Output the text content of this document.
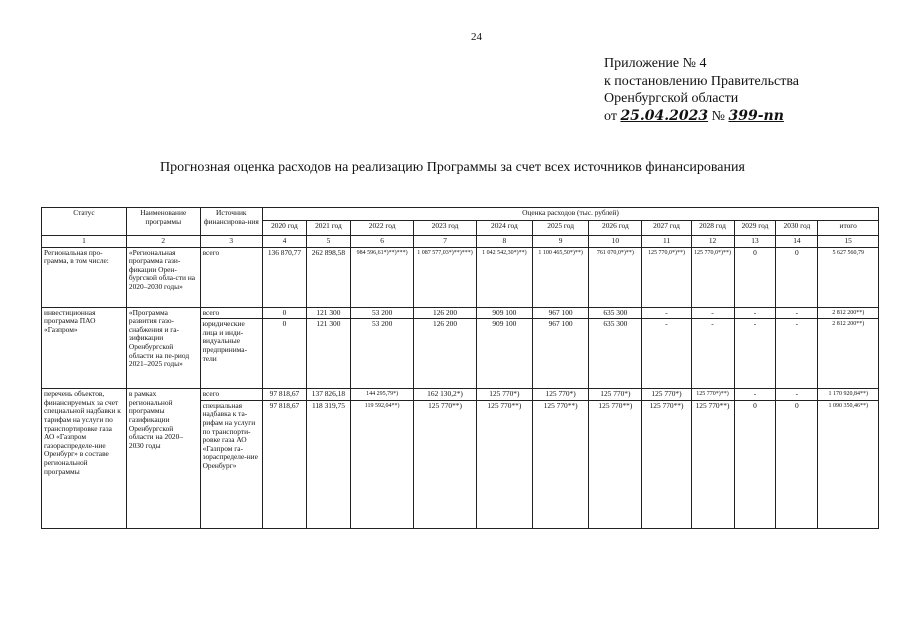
24
Приложение № 4
к постановлению Правительства
Оренбургской области
от 25.04.2023 № 399-пп
Прогнозная оценка расходов на реализацию Программы за счет всех источников финансирования
Статус	Наименование программы	Источник финансирова-ния	Оценка расходов (тыс. рублей)											
			2020 год	2021 год	2022 год	2023 год	2024 год	2025 год	2026 год	2027 год	2028 год	2029 год	2030 год	итого
1	2	3	4	5	6	7	8	9	10	11	12	13	14	15
Региональная про-грамма, в том числе:	«Региональная программа гази-фикации Орен-бургской обла-сти на 2020–2030 годы»	всего	136 870,77	262 898,58	984 596,61*)**)***)	1 087 577,03*)**)***)	1 042 542,30*)**)	1 100 465,50*)**)	761 070,0*)**)	125 770,0*)**)	125 770,0*)**)	0	0	5 627 560,79
инвестиционная программа ПАО «Газпром»	«Программа развития газо-снабжения и га-зификации Оренбургской области на пе-риод 2021–2025 годы»	всего	0	121 300	53 200	126 200	909 100	967 100	635 300	-	-	-	-	2 812 200**)
		юридические лица и инди-видуальные предпринима-тели	0	121 300	53 200	126 200	909 100	967 100	635 300	-	-	-	-	2 812 200**)
перечень объектов, финансируемых за счет специальной надбавки к тарифам на услуги по транспортировке газа АО «Газпром газораспределе-ние Оренбург» в составе региональной программы	в рамках региональной программы газификации Оренбургской области на 2020–2030 годы	всего	97 818,67	137 826,18	144 295,79*)	162 130,2*)	125 770*)	125 770*)	125 770*)	125 770*)	125 770*)**)	-	-	1 170 920,84**)
		специальная надбавка к та-рифам на услуги по транспорти-ровке газа АО «Газпром га-зораспределе-ние Оренбург»	97 818,67	118 319,75	119 592,04**)	125 770**)	125 770**)	125 770**)	125 770**)	125 770**)	125 770**)	0	0	1 090 350,46**)
